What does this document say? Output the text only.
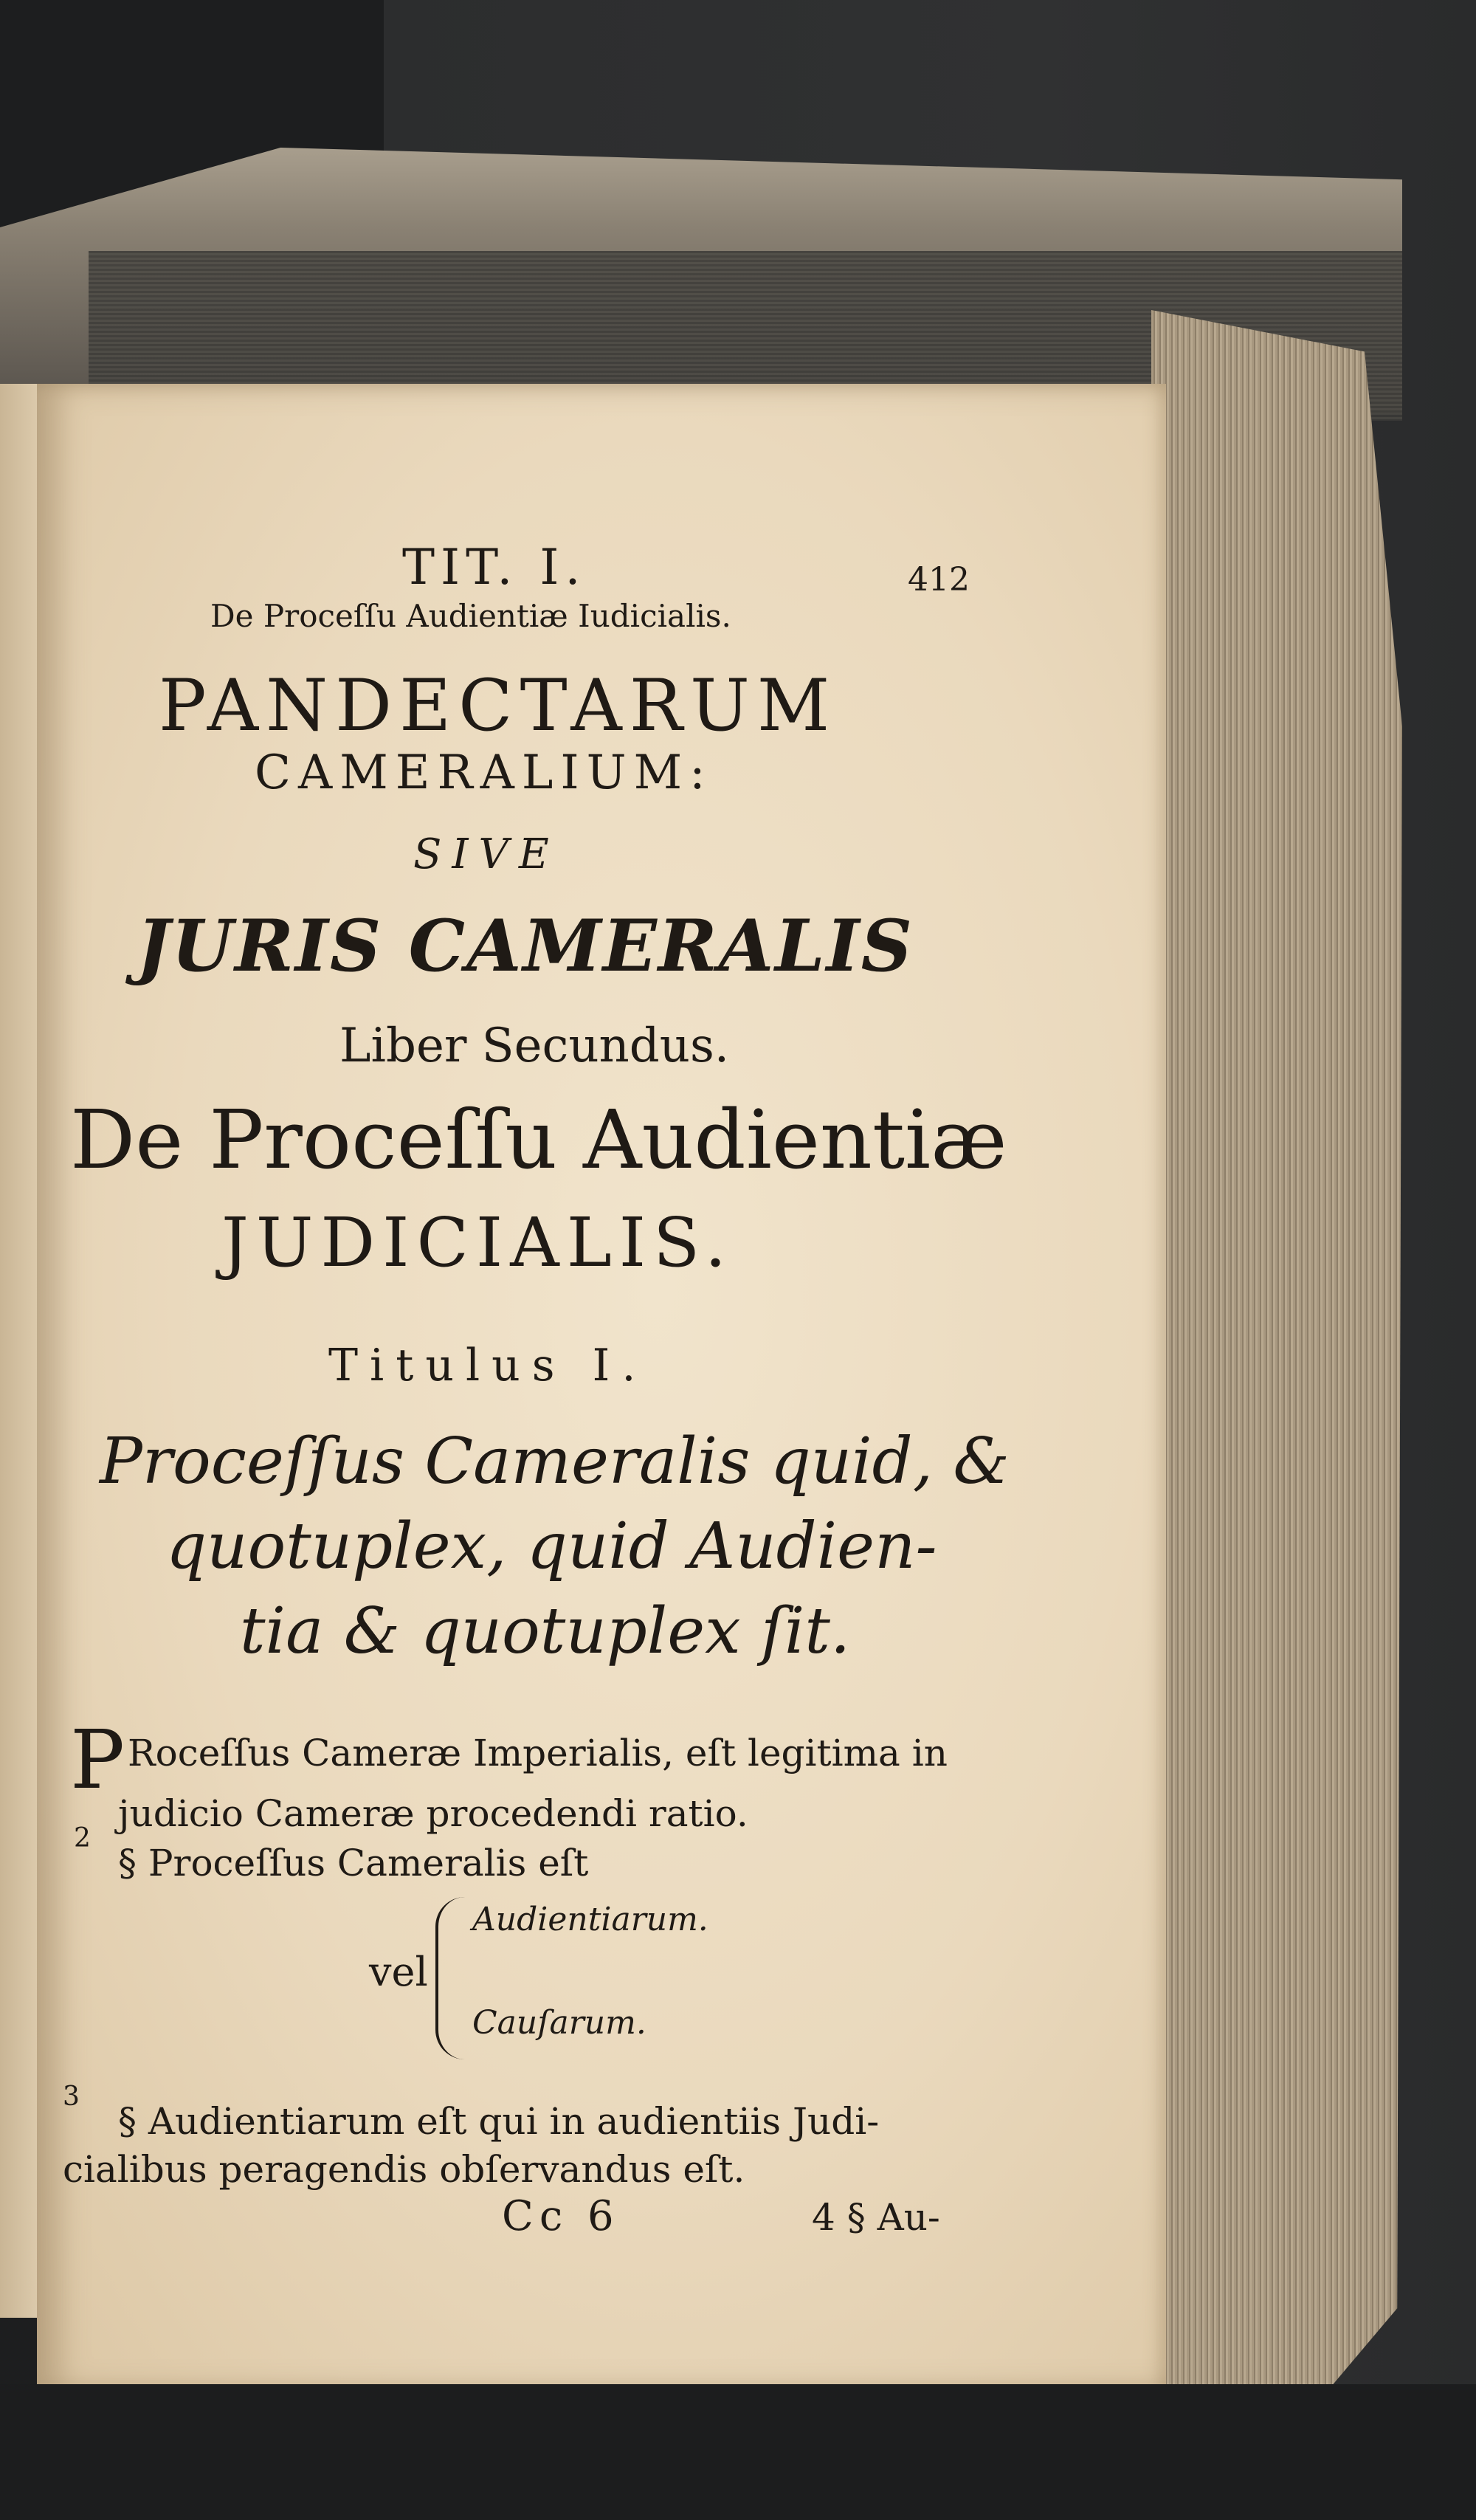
TIT. I.	412
De Proceſſu Audientiæ Iudicialis.
PANDECTARUM
CAMERALIUM:
SIVE
JURIS CAMERALIS
Liber Secundus.
De Proceſſu Audientiæ
JUDICIALIS.
Titulus I.
Proceſſus Cameralis quid, &
quotuplex, quid Audien-
tia & quotuplex ſit.
PRoceſſus Cameræ Imperialis, eſt legitima in
judicio Cameræ procedendi ratio.
2
§ Proceſſus Cameralis eſt
vel
Audientiarum.
Cauſarum.
3
§ Audientiarum eſt qui in audientiis Judi-
cialibus peragendis obſervandus eſt.
Cc 6	4 § Au-
